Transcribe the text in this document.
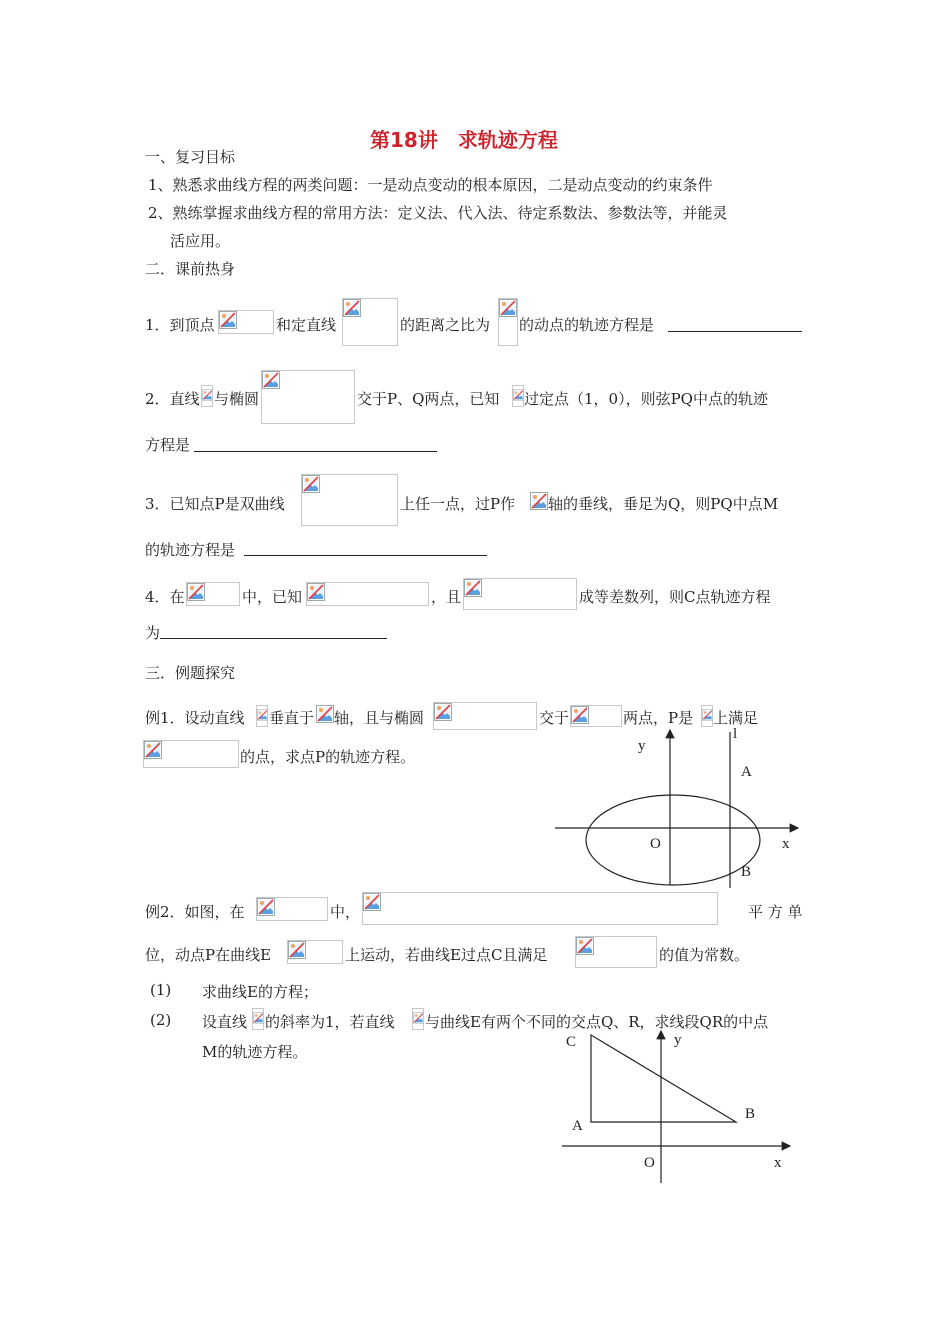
第18讲　求轨迹方程
一、复习目标
1、熟悉求曲线方程的两类问题：一是动点变动的根本原因，二是动点变动的约束条件
2、熟练掌握求曲线方程的常用方法：定义法、代入法、待定系数法、参数法等，并能灵
活应用。
二．课前热身
1．到顶点	和定直线	的距离之比为 的动点的轨迹方程是
2．直线 与椭圆	交于P、Q两点，已知 过定点（1，0），则弦PQ中点的轨迹
方程是
3．已知点P是双曲线	上任一点，过P作 轴的垂线，垂足为Q，则PQ中点M
的轨迹方程是
4．在	中，已知	，且	成等差数列，则C点轨迹方程
为
三．例题探究
例1．设动直线 垂直于 轴，且与椭圆	交于	两点，P是 上满足
的点，求点P的轨迹方程。
y
l
A
O	x
B
例2．如图，在	中，	平 方 单
位，动点P在曲线E	上运动，若曲线E过点C且满足	的值为常数。
(1) 求曲线E的方程；
(2) 设直线 的斜率为1，若直线 与曲线E有两个不同的交点Q、R，求线段QR的中点
M的轨迹方程。
C	y
A
B
O	x
